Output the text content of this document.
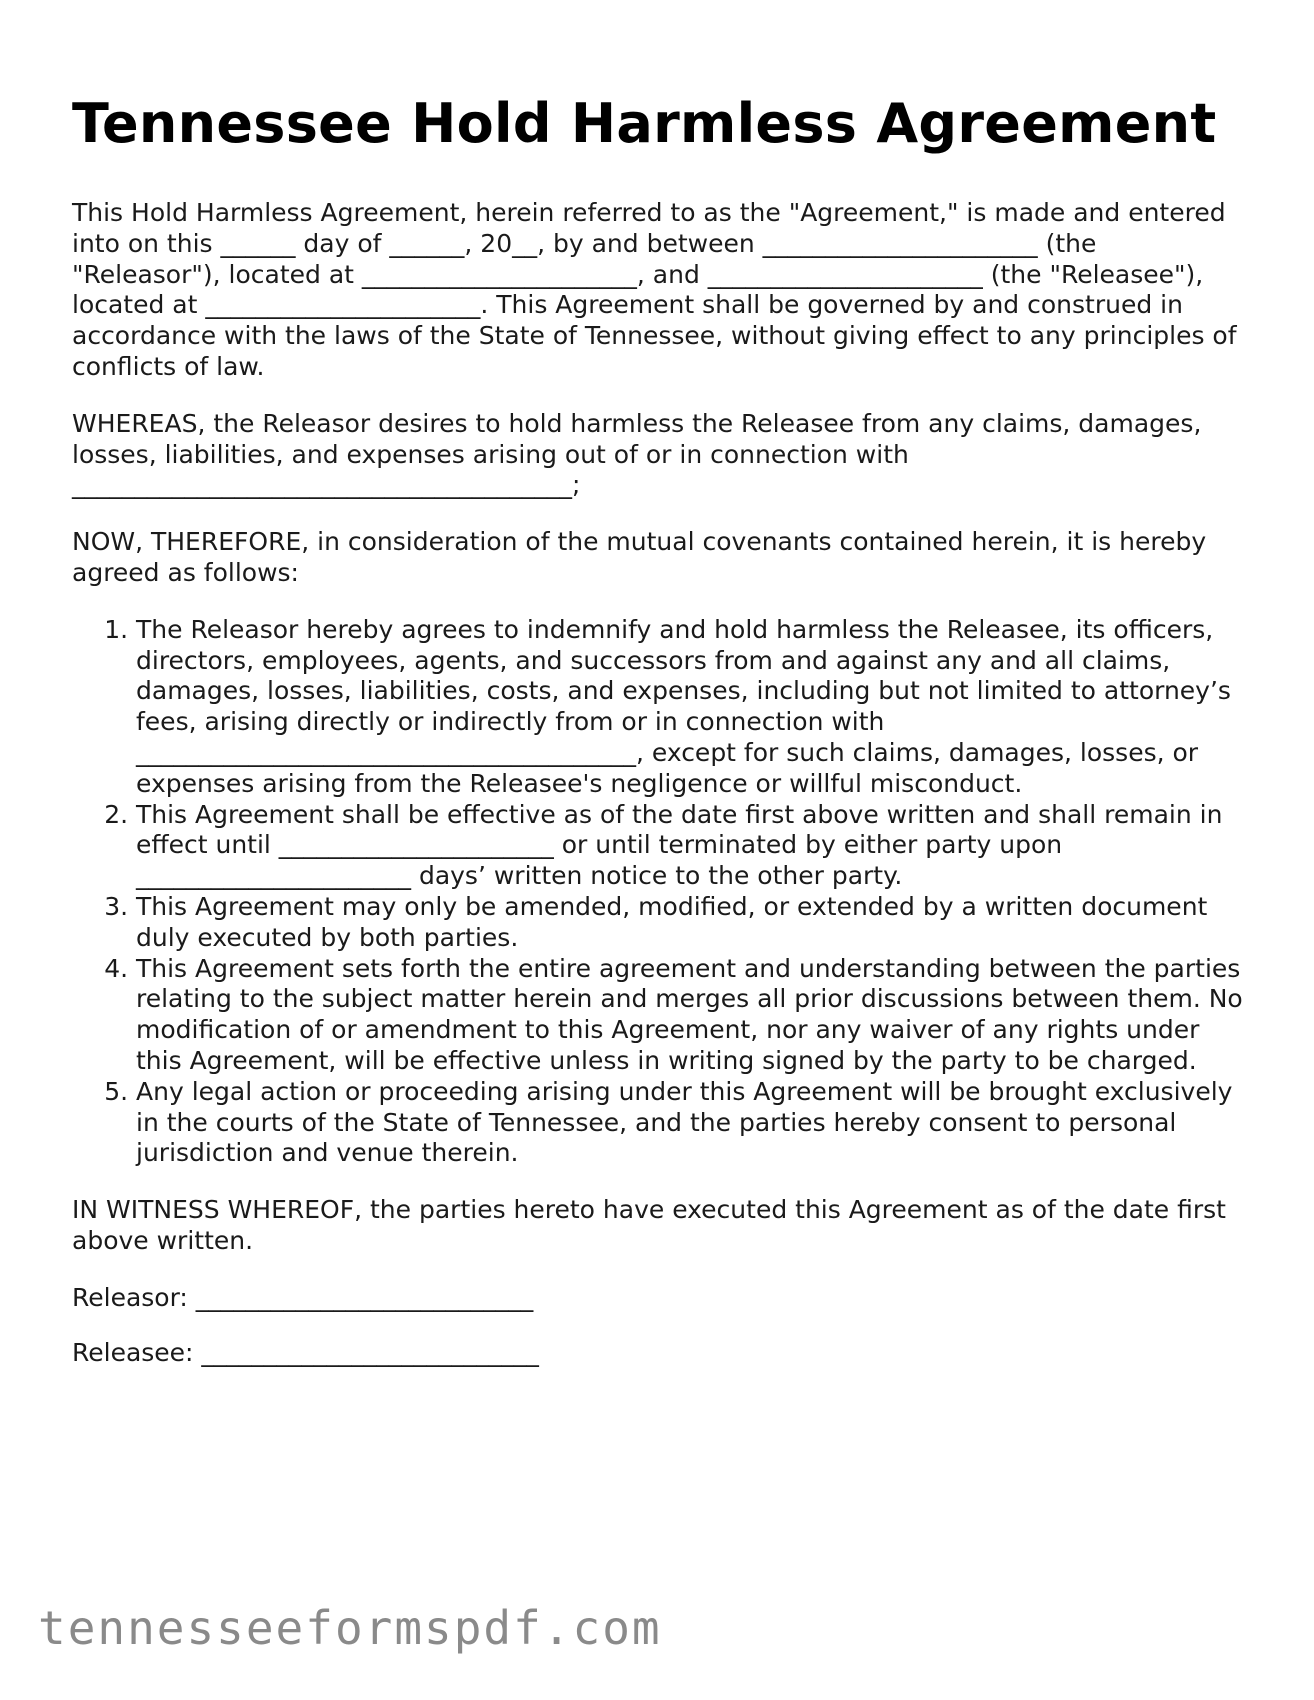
Tennessee Hold Harmless Agreement

This Hold Harmless Agreement, herein referred to as the "Agreement," is made and entered into on this ______ day of ______, 20__, by and between ______________________ (the "Releasor"), located at ______________________, and ______________________ (the "Releasee"), located at ______________________. This Agreement shall be governed by and construed in accordance with the laws of the State of Tennessee, without giving effect to any principles of conflicts of law.

WHEREAS, the Releasor desires to hold harmless the Releasee from any claims, damages, losses, liabilities, and expenses arising out of or in connection with ________________________________________;

NOW, THEREFORE, in consideration of the mutual covenants contained herein, it is hereby agreed as follows:

1. The Releasor hereby agrees to indemnify and hold harmless the Releasee, its officers, directors, employees, agents, and successors from and against any and all claims, damages, losses, liabilities, costs, and expenses, including but not limited to attorney’s fees, arising directly or indirectly from or in connection with ________________________________________, except for such claims, damages, losses, or expenses arising from the Releasee's negligence or willful misconduct.
2. This Agreement shall be effective as of the date first above written and shall remain in effect until ______________________ or until terminated by either party upon ______________________ days’ written notice to the other party.
3. This Agreement may only be amended, modified, or extended by a written document duly executed by both parties.
4. This Agreement sets forth the entire agreement and understanding between the parties relating to the subject matter herein and merges all prior discussions between them. No modification of or amendment to this Agreement, nor any waiver of any rights under this Agreement, will be effective unless in writing signed by the party to be charged.
5. Any legal action or proceeding arising under this Agreement will be brought exclusively in the courts of the State of Tennessee, and the parties hereby consent to personal jurisdiction and venue therein.

IN WITNESS WHEREOF, the parties hereto have executed this Agreement as of the date first above written.

Releasor: ___________________________

Releasee: ___________________________

tennesseeformspdf.com
